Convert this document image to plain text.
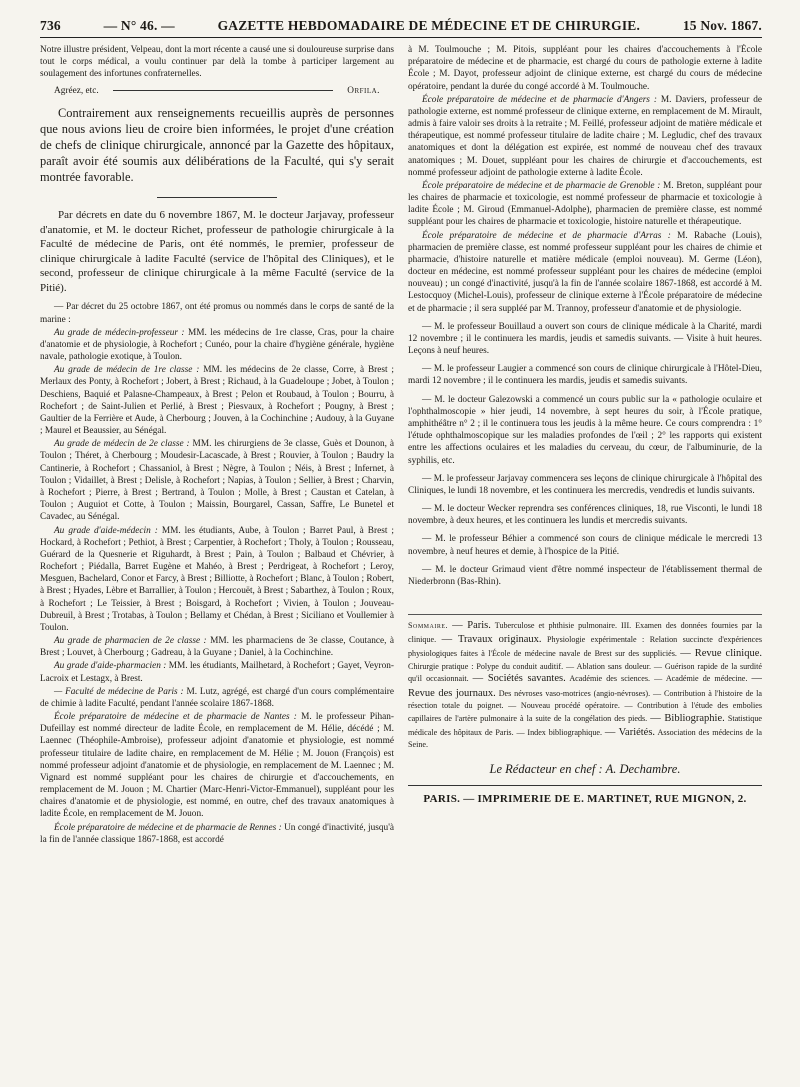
736	— N° 46. —	GAZETTE HEBDOMADAIRE DE MÉDECINE ET DE CHIRURGIE.	15 Nov. 1867.

Notre illustre président, Velpeau, dont la mort récente a causé une si douloureuse surprise dans tout le corps médical, a voulu continuer par delà la tombe à participer largement au soulagement des infortunes confraternelles.

Agréez, etc.	Orfila.

Contrairement aux renseignements recueillis auprès de personnes que nous avions lieu de croire bien informées, le projet d'une création de chefs de clinique chirurgicale, annoncé par la Gazette des hôpitaux, paraît avoir été soumis aux délibérations de la Faculté, qui s'y serait montrée favorable.

Par décrets en date du 6 novembre 1867, M. le docteur Jarjavay, professeur d'anatomie, et M. le docteur Richet, professeur de pathologie chirurgicale à la Faculté de médecine de Paris, ont été nommés, le premier, professeur de clinique chirurgicale à ladite Faculté (service de l'hôpital des Cliniques), et le second, professeur de clinique chirurgicale à la même Faculté (service de la Pitié).

— Par décret du 25 octobre 1867, ont été promus ou nommés dans le corps de santé de la marine :

Au grade de médecin-professeur : MM. les médecins de 1re classe, Cras, pour la chaire d'anatomie et de physiologie, à Rochefort ; Cunéo, pour la chaire d'hygiène générale, hygiène navale, pathologie exotique, à Toulon.

Au grade de médecin de 1re classe : MM. les médecins de 2e classe, Corre, à Brest ; Merlaux des Ponty, à Rochefort ; Jobert, à Brest ; Richaud, à la Guadeloupe ; Jobet, à Toulon ; Deschiens, Baquié et Palasne-Champeaux, à Brest ; Pelon et Roubaud, à Toulon ; Bourru, à Rochefort ; de Saint-Julien et Perlié, à Brest ; Piesvaux, à Rochefort ; Pougny, à Brest ; Gaultier de la Ferrière et Aude, à Cherbourg ; Jouven, à la Cochinchine ; Audouy, à la Guyane ; Maurel et Beaussier, au Sénégal.

Au grade de médecin de 2e classe : MM. les chirurgiens de 3e classe, Guès et Dounon, à Toulon ; Théret, à Cherbourg ; Moudesir-Lacascade, à Brest ; Rouvier, à Toulon ; Baudry la Cantinerie, à Rochefort ; Chassaniol, à Brest ; Nègre, à Toulon ; Néis, à Brest ; Infernet, à Toulon ; Vidaillet, à Brest ; Delisle, à Rochefort ; Napias, à Toulon ; Sellier, à Brest ; Charvin, à Rochefort ; Pierre, à Brest ; Bertrand, à Toulon ; Molle, à Brest ; Caustan et Catelan, à Toulon ; Auguiot et Cotte, à Toulon ; Maissin, Bourgarel, Cassan, Saffre, Le Bunetel et Cavadec, au Sénégal.

Au grade d'aide-médecin : MM. les étudiants, Aube, à Toulon ; Barret Paul, à Brest ; Hockard, à Rochefort ; Pethiot, à Brest ; Carpentier, à Rochefort ; Tholy, à Toulon ; Rousseau, Guérard de la Quesnerie et Riguhardt, à Brest ; Pain, à Toulon ; Balbaud et Chévrier, à Rochefort ; Piédalla, Barret Eugène et Mahéo, à Brest ; Perdrigeat, à Rochefort ; Leroy, Mesguen, Bachelard, Conor et Farcy, à Brest ; Billiotte, à Rochefort ; Blanc, à Toulon ; Robert, à Brest ; Hyades, Lèbre et Barrallier, à Toulon ; Hercouët, à Brest ; Sabarthez, à Toulon ; Roux, à Rochefort ; Le Teissier, à Brest ; Boisgard, à Rochefort ; Vivien, à Toulon ; Jouveau-Dubreuil, à Brest ; Trotabas, à Toulon ; Bellamy et Chédan, à Brest ; Siciliano et Voullemier à Toulon.

Au grade de pharmacien de 2e classe : MM. les pharmaciens de 3e classe, Coutance, à Brest ; Louvet, à Cherbourg ; Gadreau, à la Guyane ; Daniel, à la Cochinchine.

Au grade d'aide-pharmacien : MM. les étudiants, Mailhetard, à Rochefort ; Gayet, Veyron-Lacroix et Lestagx, à Brest.

— Faculté de médecine de Paris : M. Lutz, agrégé, est chargé d'un cours complémentaire de chimie à ladite Faculté, pendant l'année scolaire 1867-1868.

École préparatoire de médecine et de pharmacie de Nantes : M. le professeur Pihan-Dufeillay est nommé directeur de ladite École, en remplacement de M. Hélie, décédé ; M. Laennec (Théophile-Ambroise), professeur adjoint d'anatomie et physiologie, est nommé professeur titulaire de ladite chaire, en remplacement de M. Hélie ; M. Jouon (François) est nommé professeur adjoint d'anatomie et de physiologie, en remplacement de M. Laennec ; M. Vignard est nommé suppléant pour les chaires de chirurgie et d'accouchements, en remplacement de M. Jouon ; M. Chartier (Marc-Henri-Victor-Emmanuel), suppléant pour les chaires d'anatomie et de physiologie, est nommé, en outre, chef des travaux anatomiques à ladite École, en remplacement de M. Jouon.

École préparatoire de médecine et de pharmacie de Rennes : Un congé d'inactivité, jusqu'à la fin de l'année classique 1867-1868, est accordé

à M. Toulmouche ; M. Pitois, suppléant pour les chaires d'accouchements à l'École préparatoire de médecine et de pharmacie, est chargé du cours de pathologie externe à ladite École ; M. Dayot, professeur adjoint de clinique externe, est chargé du cours de médecine opératoire, pendant la durée du congé accordé à M. Toulmouche.

École préparatoire de médecine et de pharmacie d'Angers : M. Daviers, professeur de pathologie externe, est nommé professeur de clinique externe, en remplacement de M. Mirault, admis à faire valoir ses droits à la retraite ; M. Feillé, professeur adjoint de matière médicale et thérapeutique, est nommé professeur titulaire de ladite chaire ; M. Legludic, chef des travaux anatomiques et dont la délégation est expirée, est nommé de nouveau chef des travaux anatomiques ; M. Douet, suppléant pour les chaires de chirurgie et d'accouchements, est nommé professeur adjoint de pathologie externe à ladite École.

École préparatoire de médecine et de pharmacie de Grenoble : M. Breton, suppléant pour les chaires de pharmacie et toxicologie, est nommé professeur de pharmacie et toxicologie à ladite École ; M. Giroud (Emmanuel-Adolphe), pharmacien de première classe, est nommé suppléant pour les chaires de pharmacie et toxicologie, histoire naturelle et thérapeutique.

École préparatoire de médecine et de pharmacie d'Arras : M. Rabache (Louis), pharmacien de première classe, est nommé professeur suppléant pour les chaires de chimie et pharmacie, d'histoire naturelle et matière médicale (emploi nouveau). M. Germe (Léon), docteur en médecine, est nommé professeur suppléant pour les chaires de médecine (emploi nouveau) ; un congé d'inactivité, jusqu'à la fin de l'année scolaire 1867-1868, est accordé à M. Lestocquoy (Michel-Louis), professeur de clinique externe à l'École préparatoire de médecine et de pharmacie ; il sera suppléé par M. Trannoy, professeur d'anatomie et de physiologie.

— M. le professeur Bouillaud a ouvert son cours de clinique médicale à la Charité, mardi 12 novembre ; il le continuera les mardis, jeudis et samedis suivants. — Visite à huit heures. Leçons à neuf heures.

— M. le professeur Laugier a commencé son cours de clinique chirurgicale à l'Hôtel-Dieu, mardi 12 novembre ; il le continuera les mardis, jeudis et samedis suivants.

— M. le docteur Galezowski a commencé un cours public sur la « pathologie oculaire et l'ophthalmoscopie » hier jeudi, 14 novembre, à sept heures du soir, à l'École pratique, amphithéâtre n° 2 ; il le continuera tous les jeudis à la même heure. Ce cours comprendra : 1° l'étude ophthalmoscopique sur les maladies profondes de l'œil ; 2° les rapports qui existent entre les affections oculaires et les maladies du cerveau, du cœur, de l'albuminurie, de la syphilis, etc.

— M. le professeur Jarjavay commencera ses leçons de clinique chirurgicale à l'hôpital des Cliniques, le lundi 18 novembre, et les continuera les mercredis, vendredis et lundis suivants.

— M. le docteur Wecker reprendra ses conférences cliniques, 18, rue Visconti, le lundi 18 novembre, à deux heures, et les continuera les lundis et mercredis suivants.

— M. le professeur Béhier a commencé son cours de clinique médicale le mercredi 13 novembre, à neuf heures et demie, à l'hospice de la Pitié.

— M. le docteur Grimaud vient d'être nommé inspecteur de l'établissement thermal de Niederbronn (Bas-Rhin).

Sommaire. — Paris. Tuberculose et phthisie pulmonaire. III. Examen des données fournies par la clinique. — Travaux originaux. Physiologie expérimentale : Relation succincte d'expériences physiologiques faites à l'École de médecine navale de Brest sur des suppliciés. — Revue clinique. Chirurgie pratique : Polype du conduit auditif. — Ablation sans douleur. — Guérison rapide de la surdité qu'il occasionnait. — Sociétés savantes. Académie des sciences. — Académie de médecine. — Revue des journaux. Des névroses vaso-motrices (angio-névroses). — Contribution à l'histoire de la résection totale du poignet. — Nouveau procédé opératoire. — Contribution à l'étude des embolies capillaires de l'artère pulmonaire à la suite de la congélation des pieds. — Bibliographie. Statistique médicale des hôpitaux de Paris. — Index bibliographique. — Variétés. Association des médecins de la Seine.
Le Rédacteur en chef : A. Dechambre.
PARIS. — IMPRIMERIE DE E. MARTINET, RUE MIGNON, 2.
